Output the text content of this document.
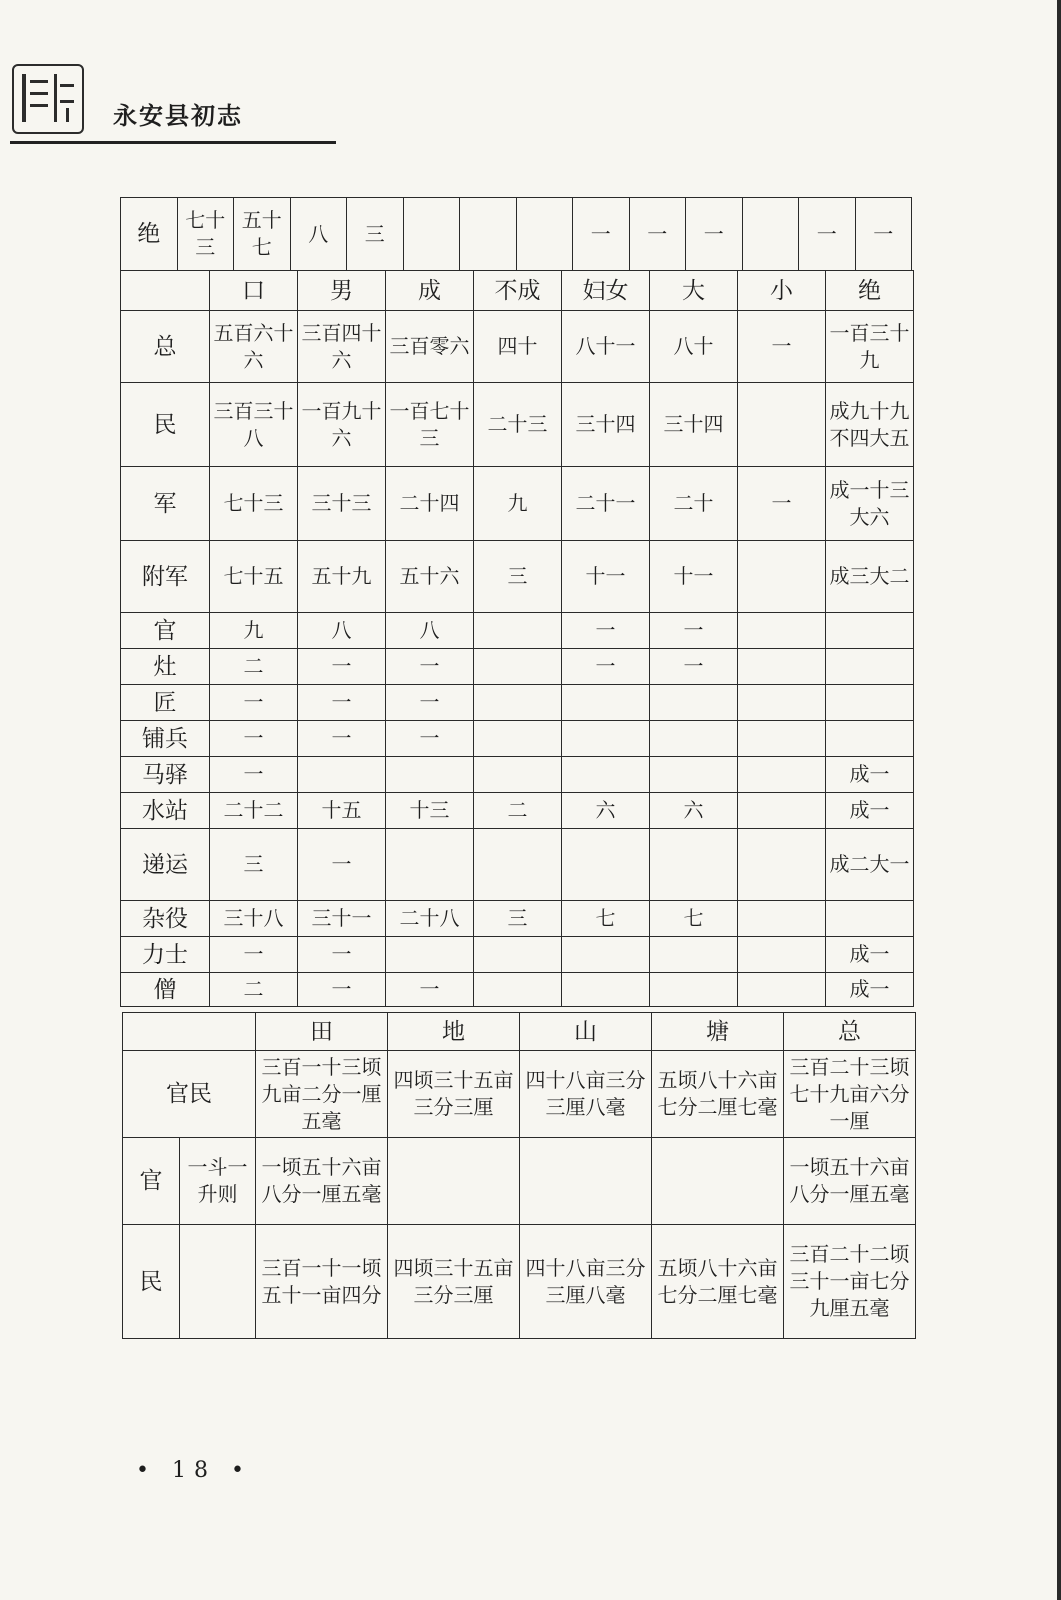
永安县初志
绝	七十三	五十七	八	三				一	一	一		一	一
	口	男	成	不成	妇女	大	小	绝
总	五百六十六	三百四十六	三百零六	四十	八十一	八十	一	一百三十九
民	三百三十八	一百九十六	一百七十三	二十三	三十四	三十四		成九十九不四大五
军	七十三	三十三	二十四	九	二十一	二十	一	成一十三大六
附军	七十五	五十九	五十六	三	十一	十一		成三大二
官	九	八	八		一	一		
灶	二	一	一		一	一		
匠	一	一	一					
铺兵	一	一	一					
马驿	一							成一
水站	二十二	十五	十三	二	六	六		成一
递运	三	一						成二大一
杂役	三十八	三十一	二十八	三	七	七		
力士	一	一						成一
僧	二	一	一					成一
		田	地	山	塘	总
官民		三百一十三顷九亩二分一厘五毫	四顷三十五亩三分三厘	四十八亩三分三厘八毫	五顷八十六亩七分二厘七毫	三百二十三顷七十九亩六分一厘
官	一斗一升则	一顷五十六亩八分一厘五毫				一顷五十六亩八分一厘五毫
民		三百一十一顷五十一亩四分	四顷三十五亩三分三厘	四十八亩三分三厘八毫	五顷八十六亩七分二厘七毫	三百二十二顷三十一亩七分九厘五毫
• 18 •
